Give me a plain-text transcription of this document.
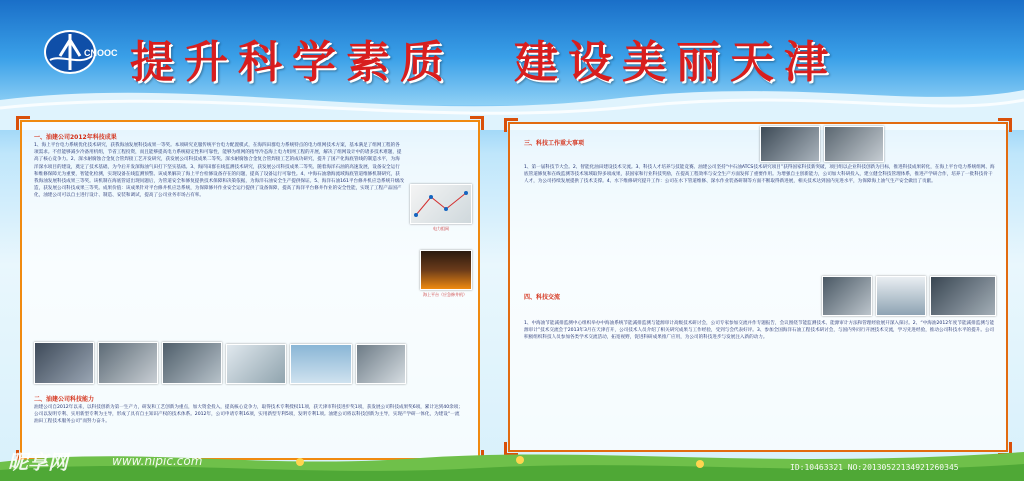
CNOOC 提升科学素质 建设美丽天津
一、油建公司2012年科技成果
1、海上平台电力系统优化技术研究，获我海油发展科技成果一等奖。本项研究克服传统平台电力配置模式，在海四田群电力系统特点的电力组网技术方案，基本满足了组网工程的各项需求。不但能够减少冷备用机组，节省工程投资，而且能够提高电力系统稳定性和可靠性，能够为组网的指导冷态海上电力组网工程的开展，解决了组网设计中的诸多技术难题，提高了核心竞争力。2、深水耐腐蚀合金复合管焊接工艺开发研究，获发展公司科技成果二等奖。深水耐腐蚀合金复合管焊接工艺的成功研究，提升了国产化海底管线的制造水平，为海洋深水项目的建设，奠定了技术基础，为今后开发深海油气田打下坚实基础。3、海四田群在线监测技术研究，获发展公司科技成果二等奖。随着海洋石油的高速发展，设备安全运行和维修保障尤为重要，智能化检测，实现设备在线监测预警。该成果解决了海上平台检修设备存在的问题，提高了设备运行可靠性。4、中海石油渤海流域海底管道维修机制研究，获我海油发展科技成果三等奖。该机制在海底管道出现问题后，为管道安全和修复提供技术保障和决策依据，为海洋石油安全生产提供保证。5、海洋石油161平台修井机应急系统升级改造，获发展公司科技成果三等奖。成果价值：该成果针对平台修井机应急系统，为保障修井作业安全运行提供了设备保障，提高了海洋平台修井作业的安全性能，实现了工程产品国产化，油建公司可以自主进行设计、制造、安装和调试，提高了公司业务市场占有率。
电力组网
海上平台（应急修井机）
二、油建公司科技能力
油建公司自2012年以来，以科技创新为第一生产力，研发和工艺创新为重点，加大资金投入，提高核心竞争力，取得技术专利授权11项，获天津市科技进步奖1项，获发展公司科技成果奖6项，累计达到40余项；公司以发明专利、实用新型专利为主导，形成了具有自主知识产权的技术体系。2012年，公司申请专利16项，实用新型专利5项，发明专利1项。油建公司将以科技创新为主导，实现产学研一体化，为建设“一流油田工程技术服务公司”而努力奋斗。
三、科技工作重大事项
1、第一届科技节大会。2、智能化油田建设技术交流。3、科技人才培养与技能竞赛。油建公司坚持“中石油ATCS技术研究项目”获得国家科技新突破，项目组以企业科技创新为目标，推进科技成果转化，在海上平台电力系统组网、海底管道修复和在线监测等技术领域取得多项成果，获国家和行业科技奖励，在提高工程效率与安全生产方面发挥了重要作用。为增强自主创新能力，公司加大科研投入，建立健全科技管理体系，推进产学研合作，培养了一批科技骨干人才，为公司持续发展提供了技术支撑。4、水下维修研究提升工作：公司在水下管道维修、深水作业装备研制等方面不断取得新进展，相关技术达到国内先进水平，为保障海上油气生产安全做出了贡献。
四、科技交流
1、中海油节能减排监测中心组织举办中海油系统节能减排监测与能源审计高级技术研讨会，公司专家参加交流并作专题报告，会议围绕节能监测技术、能源审计方法和管理经验展开深入探讨。2、“中海油2012年度节能减排监测与能源审计”技术交流会于2013年3月在天津召开，公司技术人员介绍了相关研究成果与工作经验，受到与会代表好评。3、参加全国海洋石油工程技术研讨会，与国内外同行开展技术交流，学习先进经验，推动公司科技水平的提升。公司积极组织科技人员参加各类学术交流活动，拓宽视野，促进科研成果推广应用，为公司的科技进步与发展注入新的动力。
昵享网	www.nipic.com	ID:10463321 NO:20130522134921260345
